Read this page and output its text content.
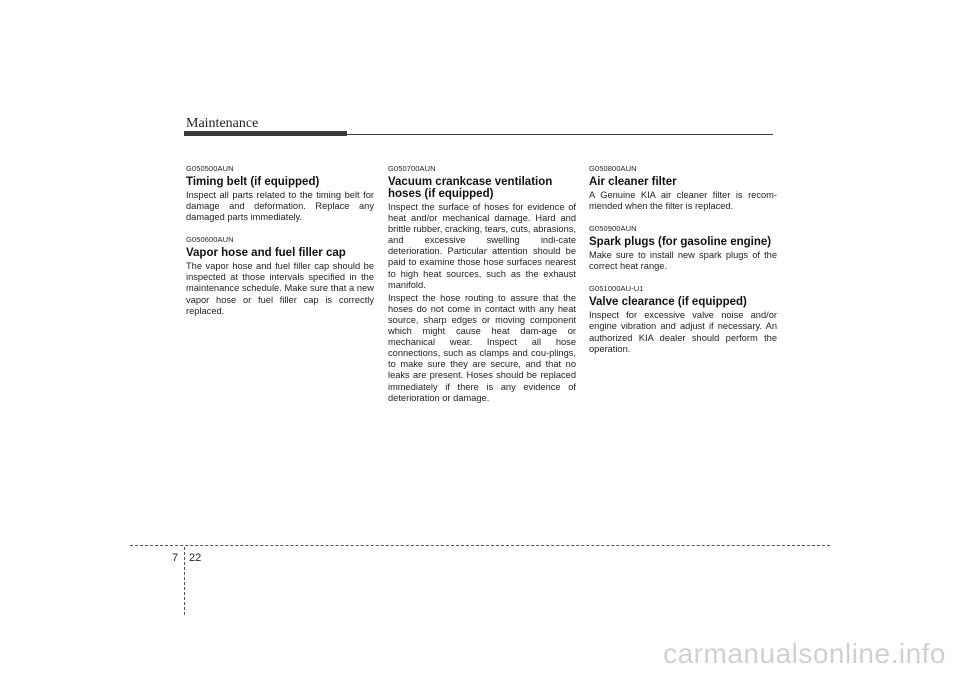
Maintenance
G050500AUN
Timing belt (if equipped)

Inspect all parts related to the timing belt for damage and deformation. Replace any damaged parts immediately.

G050600AUN
Vapor hose and fuel filler cap

The vapor hose and fuel filler cap should be inspected at those intervals specified in the maintenance schedule. Make sure that a new vapor hose or fuel filler cap is correctly replaced.

G050700AUN
Vacuum crankcase ventilation hoses (if equipped)

Inspect the surface of hoses for evidence of heat and/or mechanical damage. Hard and brittle rubber, cracking, tears, cuts, abrasions, and excessive swelling indi-cate deterioration. Particular attention should be paid to examine those hose surfaces nearest to high heat sources, such as the exhaust manifold.

Inspect the hose routing to assure that the hoses do not come in contact with any heat source, sharp edges or moving component which might cause heat dam-age or mechanical wear. Inspect all hose connections, such as clamps and cou-plings, to make sure they are secure, and that no leaks are present. Hoses should be replaced immediately if there is any evidence of deterioration or damage.

G050800AUN
Air cleaner filter

A Genuine KIA air cleaner filter is recom-mended when the filter is replaced.

G050900AUN
Spark plugs (for gasoline engine)

Make sure to install new spark plugs of the correct heat range.

G051000AU-U1
Valve clearance (if equipped)

Inspect for excessive valve noise and/or engine vibration and adjust if necessary. An authorized KIA dealer should perform the operation.

7 22
carmanualsonline.info
